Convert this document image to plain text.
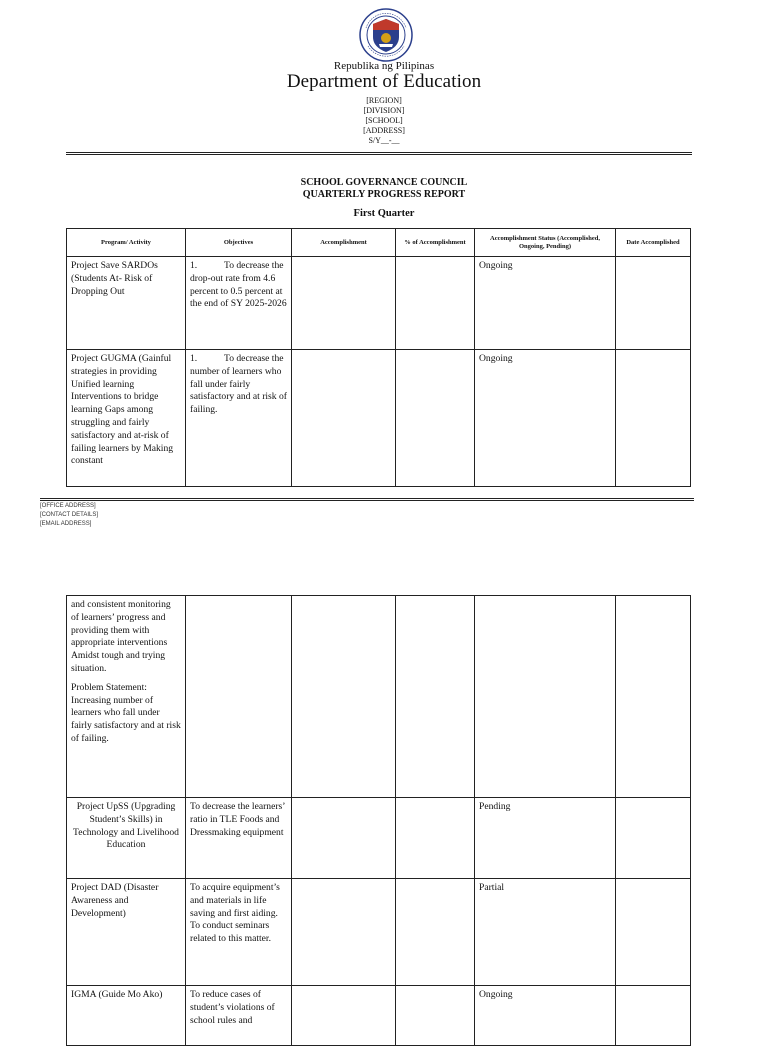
Republika ng Pilipinas
Department of Education
[REGION]
[DIVISION]
[SCHOOL]
[ADDRESS]
S/Y__-__
SCHOOL GOVERNANCE COUNCIL
QUARTERLY PROGRESS REPORT
First Quarter
Program/ Activity	Objectives	Accomplishment	% of Accomplishment	Accomplishment Status (Accomplished, Ongoing, Pending)	Date Accomplished
Project Save SARDOs (Students At- Risk of Dropping Out	1. To decrease the drop-out rate from 4.6 percent to 0.5 percent at the end of SY 2025-2026			Ongoing	
Project GUGMA (Gainful strategies in providing Unified learning Interventions to bridge learning Gaps among struggling and fairly satisfactory and at-risk of failing learners by Making constant	1. To decrease the number of learners who fall under fairly satisfactory and at risk of failing.			Ongoing	
[OFFICE ADDRESS]
[CONTACT DETAILS]
[EMAIL ADDRESS]

and consistent monitoring of learners’ progress and providing them with appropriate interventions Amidst tough and trying situation.

Problem Statement: Increasing number of learners who fall under fairly satisfactory and at risk of failing.					

Project UpSS (Upgrading Student’s Skills) in Technology and Livelihood Education	To decrease the learners’ ratio in TLE Foods and Dressmaking equipment			Pending	
Project DAD (Disaster Awareness and Development)	To acquire equipment’s and materials in life saving and first aiding. To conduct seminars related to this matter.			Partial	
IGMA (Guide Mo Ako)	To reduce cases of student’s violations of school rules and			Ongoing	
